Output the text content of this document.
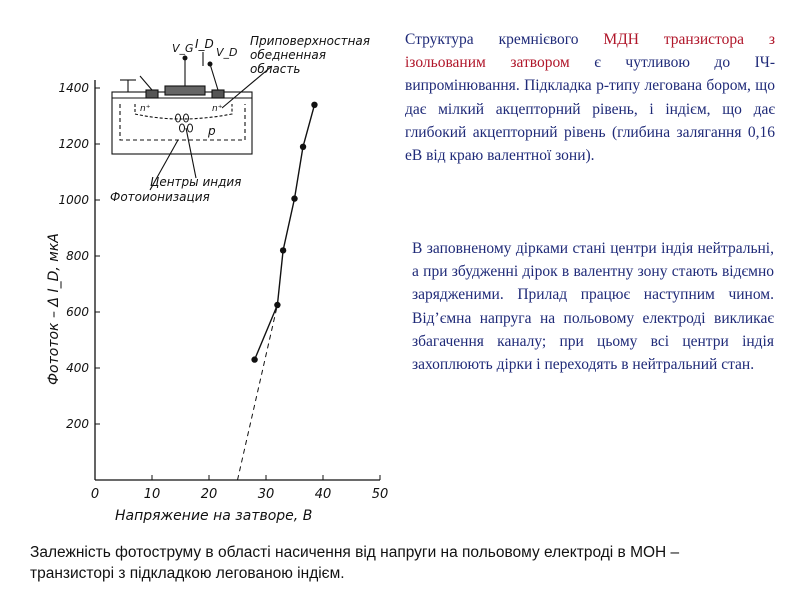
0	10	20	30	40	50
200
400
600
800
1000
1200
1400
Напряжение на затворе, В
Фототок – Δ I_D, мкА
I_D
V_G V_D
n⁺	n⁺
p
Приповерхностная
обедненная
область
Центры индия
Фотоионизация

Структура кремнієвого МДН транзистора з ізольованим затвором є чутливою до ІЧ-випромінювання. Підкладка р-типу легована бором, що дає мілкий акцепторний рівень, і індієм, що дає глибокий акцепторний рівень (глибина залягання 0,16 еВ від краю валентної зони).

В заповненому дірками стані центри індія нейтральні, а при збудженні дірок в валентну зону стають відємно зарядженими. Прилад працює наступним чином. Від’ємна напруга на польовому електроді викликає збагачення каналу; при цьому всі центри індія захоплюють дірки і переходять в нейтральний стан.

Залежність фотоструму в області насичення від напруги на польовому електроді в МОН – транзисторі з підкладкою легованою індієм.
